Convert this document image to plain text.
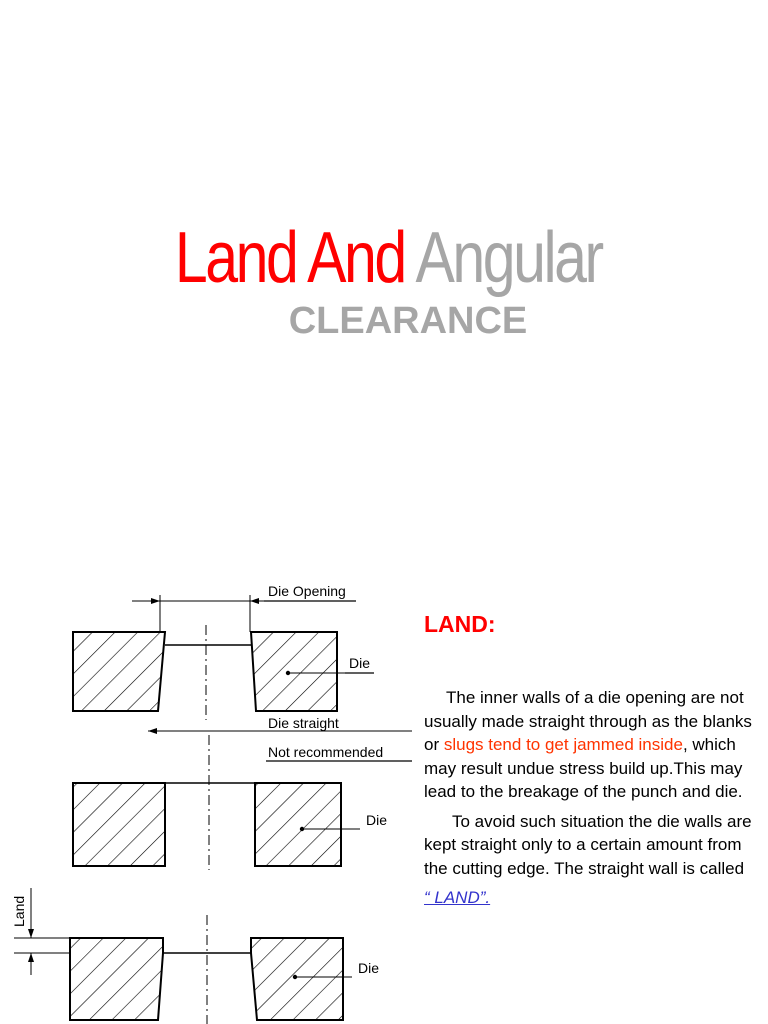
Land And Angular
CLEARANCE
Die Opening
Die
Die straight
Not recommended
Die
Land
Die
LAND:

The inner walls of a die opening are not usually made straight through as the blanks or slugs tend to get jammed inside, which may result undue stress build up.This may lead to the breakage of the punch and die.

To avoid such situation the die walls are kept straight only to a certain amount from the cutting edge. The straight wall is called

“ LAND”.
